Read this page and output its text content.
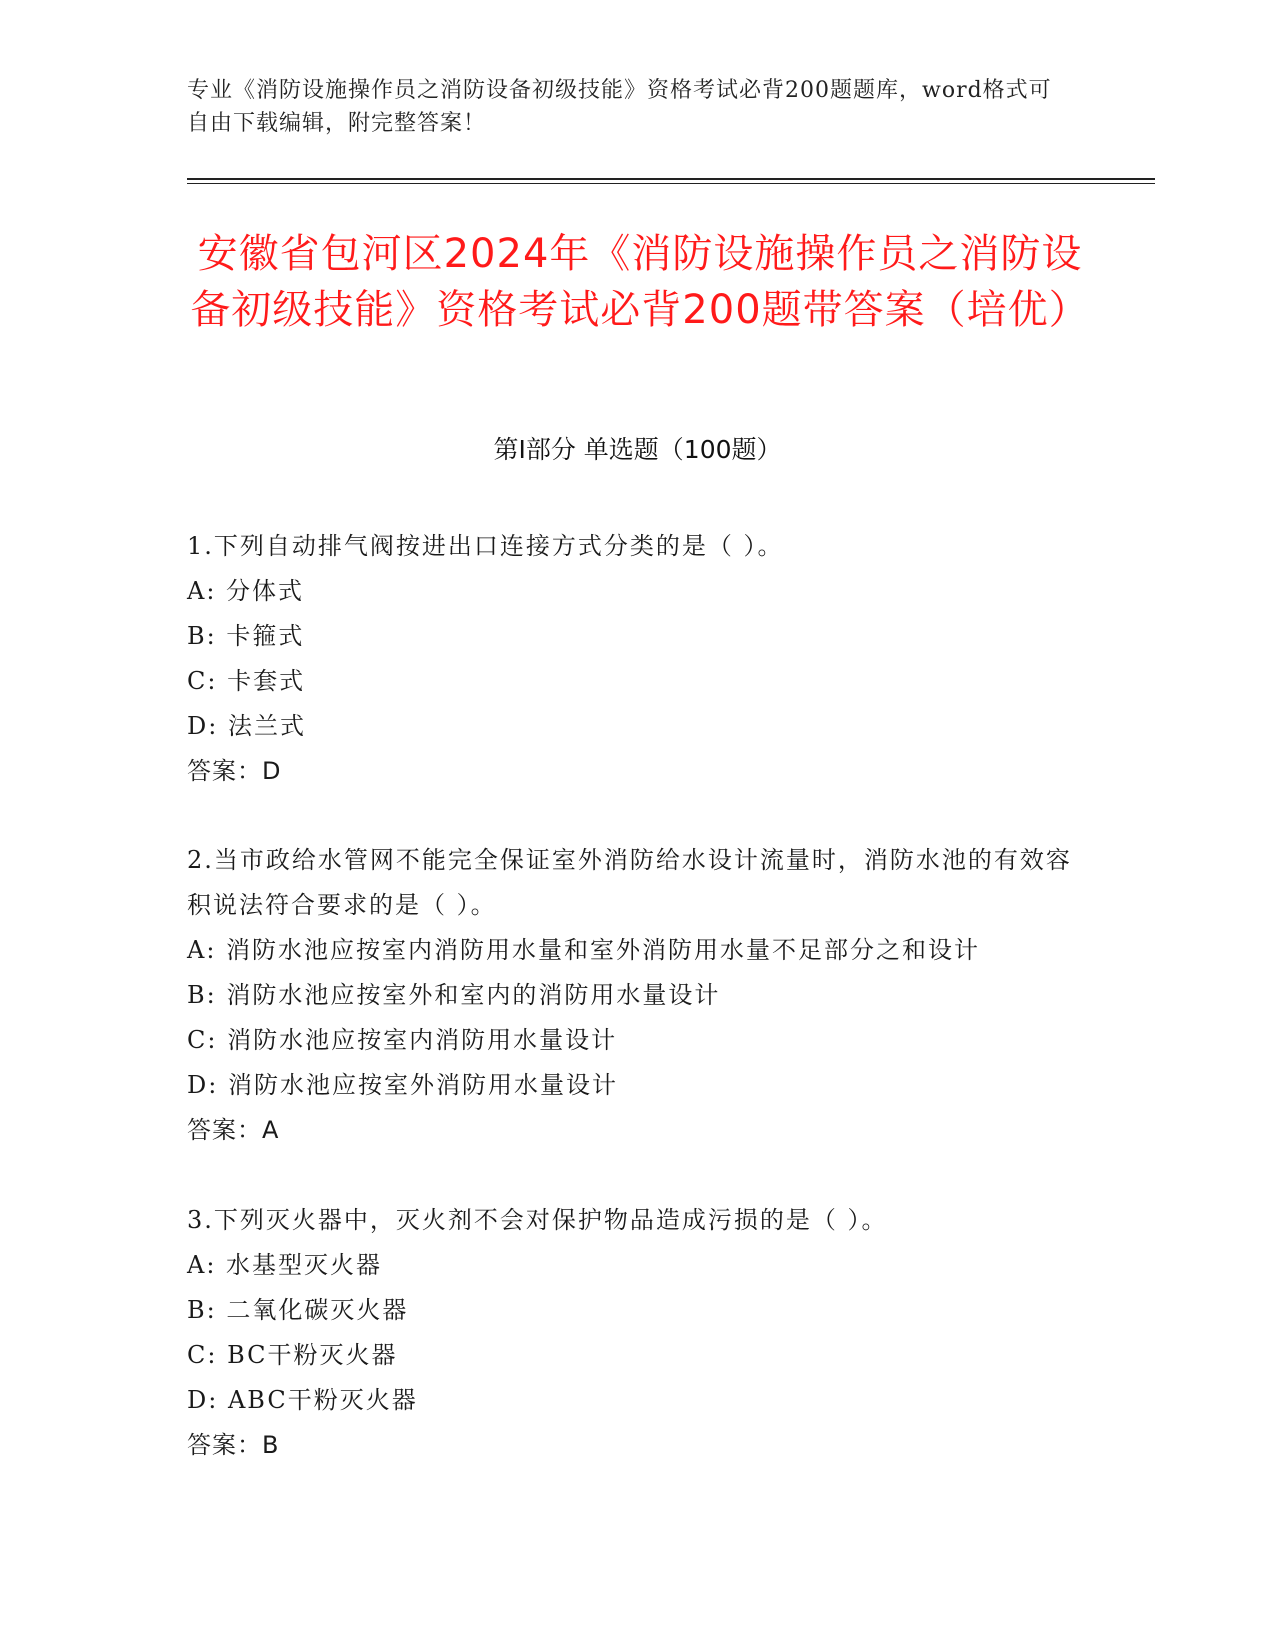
专业《消防设施操作员之消防设备初级技能》资格考试必背200题题库，word格式可自由下载编辑，附完整答案！
安徽省包河区2024年《消防设施操作员之消防设备初级技能》资格考试必背200题带答案（培优）
第Ⅰ部分 单选题（100题）
1.下列自动排气阀按进出口连接方式分类的是（ ）。
A: 分体式
B: 卡箍式
C: 卡套式
D: 法兰式
答案：D
2.当市政给水管网不能完全保证室外消防给水设计流量时，消防水池的有效容积说法符合要求的是（ ）。
A: 消防水池应按室内消防用水量和室外消防用水量不足部分之和设计
B: 消防水池应按室外和室内的消防用水量设计
C: 消防水池应按室内消防用水量设计
D: 消防水池应按室外消防用水量设计
答案：A
3.下列灭火器中，灭火剂不会对保护物品造成污损的是（ ）。
A: 水基型灭火器
B: 二氧化碳灭火器
C: BC干粉灭火器
D: ABC干粉灭火器
答案：B
